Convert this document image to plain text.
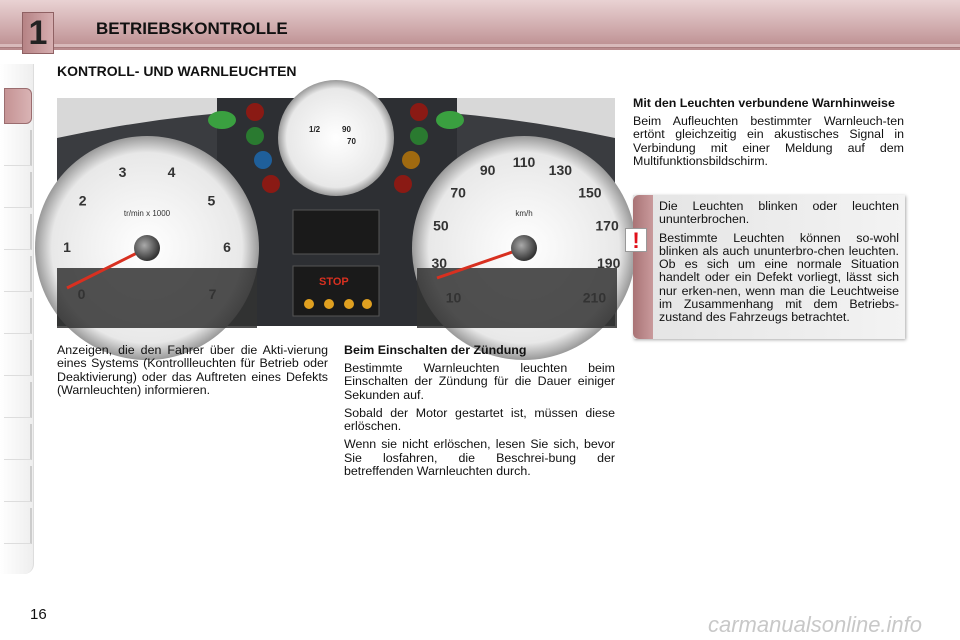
1	BETRIEBSKONTROLLE
KONTROLL- UND WARNLEUCHTEN
0
1
2
3	4
5
6
7	10
30
50
70
90
110
130
150
170
190
210
tr/min x 1000	km/h
1/2	90
70
STOP

Anzeigen, die den Fahrer über die Akti-vierung eines Systems (Kontrollleuchten für Betrieb oder Deaktivierung) oder das Auftreten eines Defekts (Warnleuchten) informieren.

Beim Einschalten der Zündung

Bestimmte Warnleuchten leuchten beim Einschalten der Zündung für die Dauer einiger Sekunden auf.

Sobald der Motor gestartet ist, müssen diese erlöschen.

Wenn sie nicht erlöschen, lesen Sie sich, bevor Sie losfahren, die Beschrei-bung der betreffenden Warnleuchten durch.

Mit den Leuchten verbundene Warnhinweise

Beim Aufleuchten bestimmter Warnleuch-ten ertönt gleichzeitig ein akustisches Signal in Verbindung mit einer Meldung auf dem Multifunktionsbildschirm.

!

Die Leuchten blinken oder leuchten ununterbrochen.

Bestimmte Leuchten können so-wohl blinken als auch ununterbro-chen leuchten. Ob es sich um eine normale Situation handelt oder ein Defekt vorliegt, lässt sich nur erken-nen, wenn man die Leuchtweise im Zusammenhang mit dem Betriebs-zustand des Fahrzeugs betrachtet.

16	carmanualsonline.info
